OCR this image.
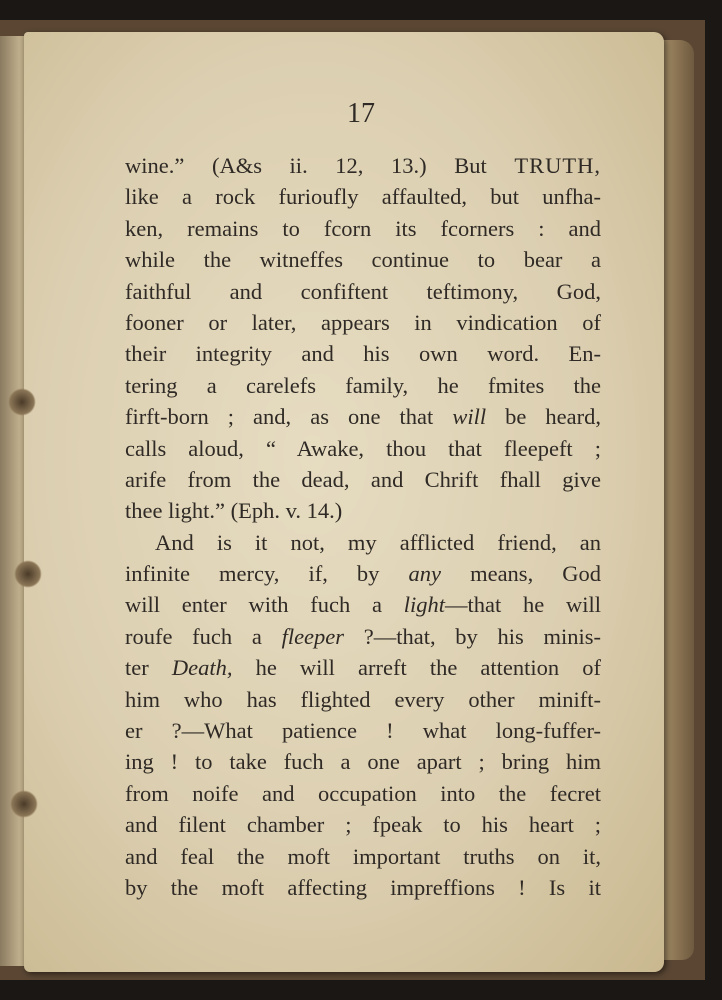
17
wine.” (A&s ii. 12, 13.) But TRUTH,
like a rock furioufly affaulted, but unfha-
ken, remains to fcorn its fcorners : and
while the witneffes continue to bear a
faithful and confiftent teftimony, God,
fooner or later, appears in vindication of
their integrity and his own word. En-
tering a carelefs family, he fmites the
firft-born ; and, as one that will be heard,
calls aloud, “ Awake, thou that fleepeft ;
arife from the dead, and Chrift fhall give
thee light.” (Eph. v. 14.)
And is it not, my afflicted friend, an
infinite mercy, if, by any means, God
will enter with fuch a light—that he will
roufe fuch a fleeper ?—that, by his minis-
ter Death, he will arreft the attention of
him who has flighted every other minift-
er ?—What patience ! what long-fuffer-
ing ! to take fuch a one apart ; bring him
from noife and occupation into the fecret
and filent chamber ; fpeak to his heart ;
and feal the moft important truths on it,
by the moft affecting impreffions ! Is it
